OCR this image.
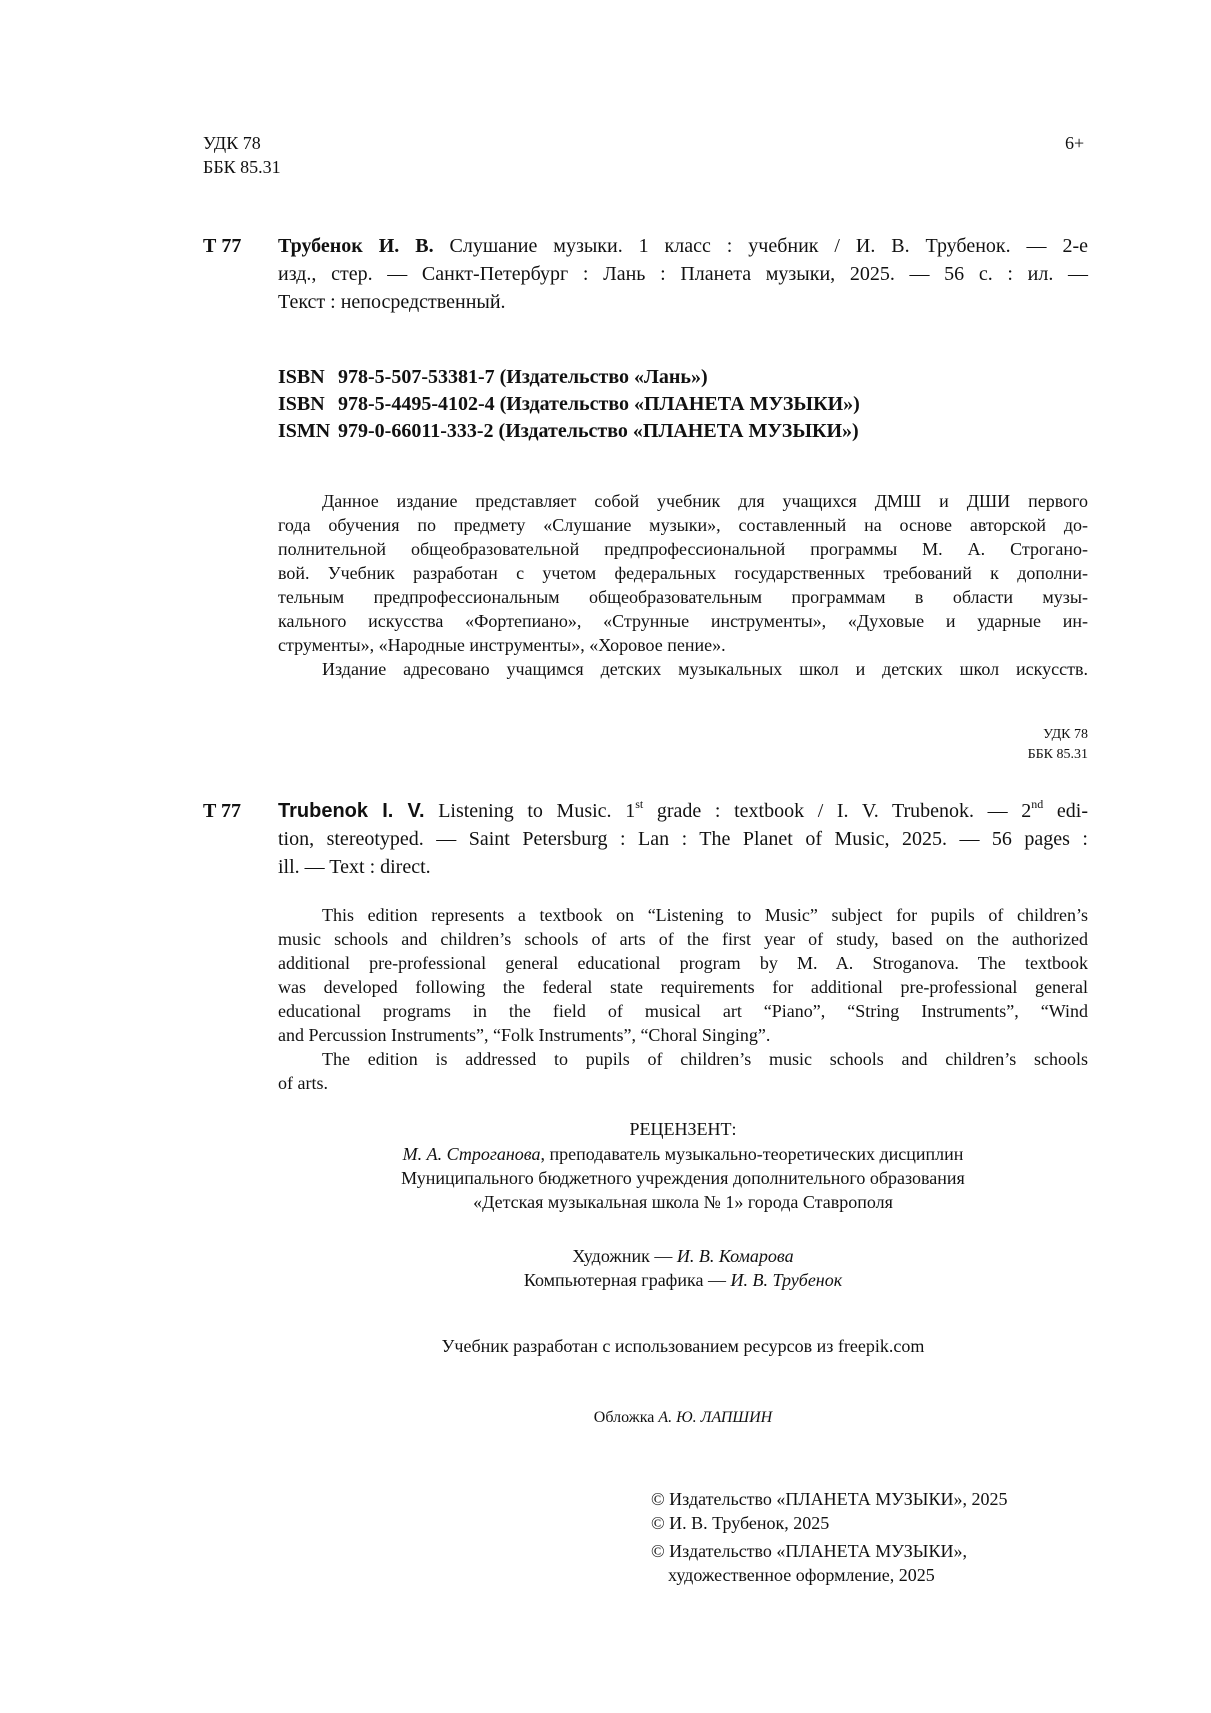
УДК 78
ББК 85.31
6+
Т 77 Трубенок И. В. Слушание музыки. 1 класс : учебник / И. В. Трубенок. — 2-е
изд., стер. — Санкт-Петербург : Лань : Планета музыки, 2025. — 56 с. : ил. —
Текст : непосредственный.
ISBN 978-5-507-53381-7 (Издательство «Лань»)
ISBN 978-5-4495-4102-4 (Издательство «ПЛАНЕТА МУЗЫКИ»)
ISMN 979-0-66011-333-2 (Издательство «ПЛАНЕТА МУЗЫКИ»)
Данное издание представляет собой учебник для учащихся ДМШ и ДШИ первого
года обучения по предмету «Слушание музыки», составленный на основе авторской до-
полнительной общеобразовательной предпрофессиональной программы М. А. Строгано-
вой. Учебник разработан с учетом федеральных государственных требований к дополни-
тельным предпрофессиональным общеобразовательным программам в области музы-
кального искусства «Фортепиано», «Струнные инструменты», «Духовые и ударные ин-
струменты», «Народные инструменты», «Хоровое пение».
Издание адресовано учащимся детских музыкальных школ и детских школ искусств.
УДК 78
ББК 85.31
T 77 Trubenok I. V. Listening to Music. 1st grade : textbook / I. V. Trubenok. — 2nd edi-
tion, stereotyped. — Saint Petersburg : Lan : The Planet of Music, 2025. — 56 pages :
ill. — Text : direct.
This edition represents a textbook on “Listening to Music” subject for pupils of children’s
music schools and children’s schools of arts of the first year of study, based on the authorized
additional pre-professional general educational program by M. A. Stroganova. The textbook
was developed following the federal state requirements for additional pre-professional general
educational programs in the field of musical art “Piano”, “String Instruments”, “Wind
and Percussion Instruments”, “Folk Instruments”, “Choral Singing”.
The edition is addressed to pupils of children’s music schools and children’s schools
of arts.
РЕЦЕНЗЕНТ:
М. А. Строганова, преподаватель музыкально-теоретических дисциплин
Муниципального бюджетного учреждения дополнительного образования
«Детская музыкальная школа № 1» города Ставрополя
Художник — И. В. Комарова
Компьютерная графика — И. В. Трубенок
Учебник разработан с использованием ресурсов из freepik.com
Обложка А. Ю. ЛАПШИН
© Издательство «ПЛАНЕТА МУЗЫКИ», 2025
© И. В. Трубенок, 2025
© Издательство «ПЛАНЕТА МУЗЫКИ»,
художественное оформление, 2025
